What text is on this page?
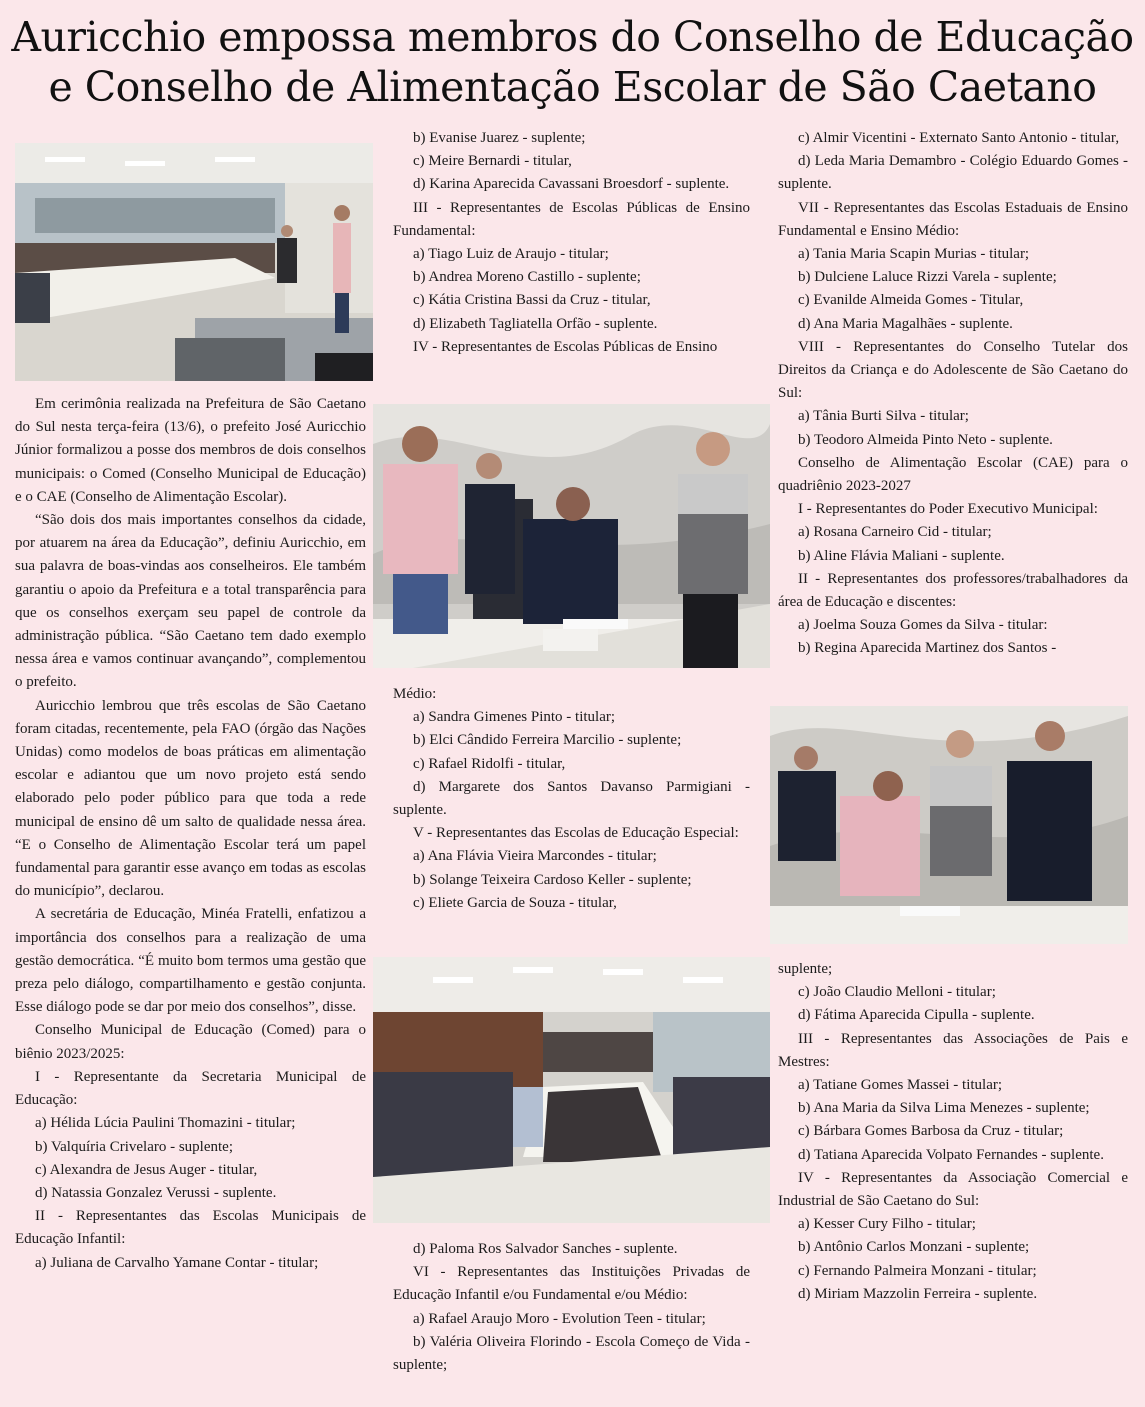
Auricchio empossa membros do Conselho de Educação
e Conselho de Alimentação Escolar de São Caetano

Em cerimônia realizada na Prefeitura de São Caetano do Sul nesta terça-feira (13/6), o prefeito José Auricchio Júnior formalizou a posse dos membros de dois conselhos municipais: o Comed (Conselho Municipal de Educação) e o CAE (Conselho de Alimentação Escolar).

“São dois dos mais importantes conselhos da cidade, por atuarem na área da Educação”, definiu Auricchio, em sua palavra de boas-vindas aos conselheiros. Ele também garantiu o apoio da Prefeitura e a total transparência para que os conselhos exerçam seu papel de controle da administração pública. “São Caetano tem dado exemplo nessa área e vamos continuar avançando”, complementou o prefeito.

Auricchio lembrou que três escolas de São Caetano foram citadas, recentemente, pela FAO (órgão das Nações Unidas) como modelos de boas práticas em alimentação escolar e adiantou que um novo projeto está sendo elaborado pelo poder público para que toda a rede municipal de ensino dê um salto de qualidade nessa área. “E o Conselho de Alimentação Escolar terá um papel fundamental para garantir esse avanço em todas as escolas do município”, declarou.

A secretária de Educação, Minéa Fratelli, enfatizou a importância dos conselhos para a realização de uma gestão democrática. “É muito bom termos uma gestão que preza pelo diálogo, compartilhamento e gestão conjunta. Esse diálogo pode se dar por meio dos conselhos”, disse.

Conselho Municipal de Educação (Comed) para o biênio 2023/2025:

I - Representante da Secretaria Municipal de Educação:

a) Hélida Lúcia Paulini Thomazini - titular;

b) Valquíria Crivelaro - suplente;

c) Alexandra de Jesus Auger - titular,

d) Natassia Gonzalez Verussi - suplente.

II - Representantes das Escolas Municipais de Educação Infantil:

a) Juliana de Carvalho Yamane Contar - titular;

b) Evanise Juarez - suplente;

c) Meire Bernardi - titular,

d) Karina Aparecida Cavassani Broesdorf - suplente.

III - Representantes de Escolas Públicas de Ensino Fundamental:

a) Tiago Luiz de Araujo - titular;

b) Andrea Moreno Castillo - suplente;

c) Kátia Cristina Bassi da Cruz - titular,

d) Elizabeth Tagliatella Orfão - suplente.

IV - Representantes de Escolas Públicas de Ensino

Médio:

a) Sandra Gimenes Pinto - titular;

b) Elci Cândido Ferreira Marcilio - suplente;

c) Rafael Ridolfi - titular,

d) Margarete dos Santos Davanso Parmigiani - suplente.

V - Representantes das Escolas de Educação Especial:

a) Ana Flávia Vieira Marcondes - titular;

b) Solange Teixeira Cardoso Keller - suplente;

c) Eliete Garcia de Souza - titular,

d) Paloma Ros Salvador Sanches - suplente.

VI - Representantes das Instituições Privadas de Educação Infantil e/ou Fundamental e/ou Médio:

a) Rafael Araujo Moro - Evolution Teen - titular;

b) Valéria Oliveira Florindo - Escola Começo de Vida - suplente;

c) Almir Vicentini - Externato Santo Antonio - titular,

d) Leda Maria Demambro - Colégio Eduardo Gomes - suplente.

VII - Representantes das Escolas Estaduais de Ensino Fundamental e Ensino Médio:

a) Tania Maria Scapin Murias - titular;

b) Dulciene Laluce Rizzi Varela - suplente;

c) Evanilde Almeida Gomes - Titular,

d) Ana Maria Magalhães - suplente.

VIII - Representantes do Conselho Tutelar dos Direitos da Criança e do Adolescente de São Caetano do Sul:

a) Tânia Burti Silva - titular;

b) Teodoro Almeida Pinto Neto - suplente.

Conselho de Alimentação Escolar (CAE) para o quadriênio 2023-2027

I - Representantes do Poder Executivo Municipal:

a) Rosana Carneiro Cid - titular;

b) Aline Flávia Maliani - suplente.

II - Representantes dos professores/trabalhadores da área de Educação e discentes:

a) Joelma Souza Gomes da Silva - titular:

b) Regina Aparecida Martinez dos Santos -

suplente;

c) João Claudio Melloni - titular;

d) Fátima Aparecida Cipulla - suplente.

III - Representantes das Associações de Pais e Mestres:

a) Tatiane Gomes Massei - titular;

b) Ana Maria da Silva Lima Menezes - suplente;

c) Bárbara Gomes Barbosa da Cruz - titular;

d) Tatiana Aparecida Volpato Fernandes - suplente.

IV - Representantes da Associação Comercial e Industrial de São Caetano do Sul:

a) Kesser Cury Filho - titular;

b) Antônio Carlos Monzani - suplente;

c) Fernando Palmeira Monzani - titular;

d) Miriam Mazzolin Ferreira - suplente.
